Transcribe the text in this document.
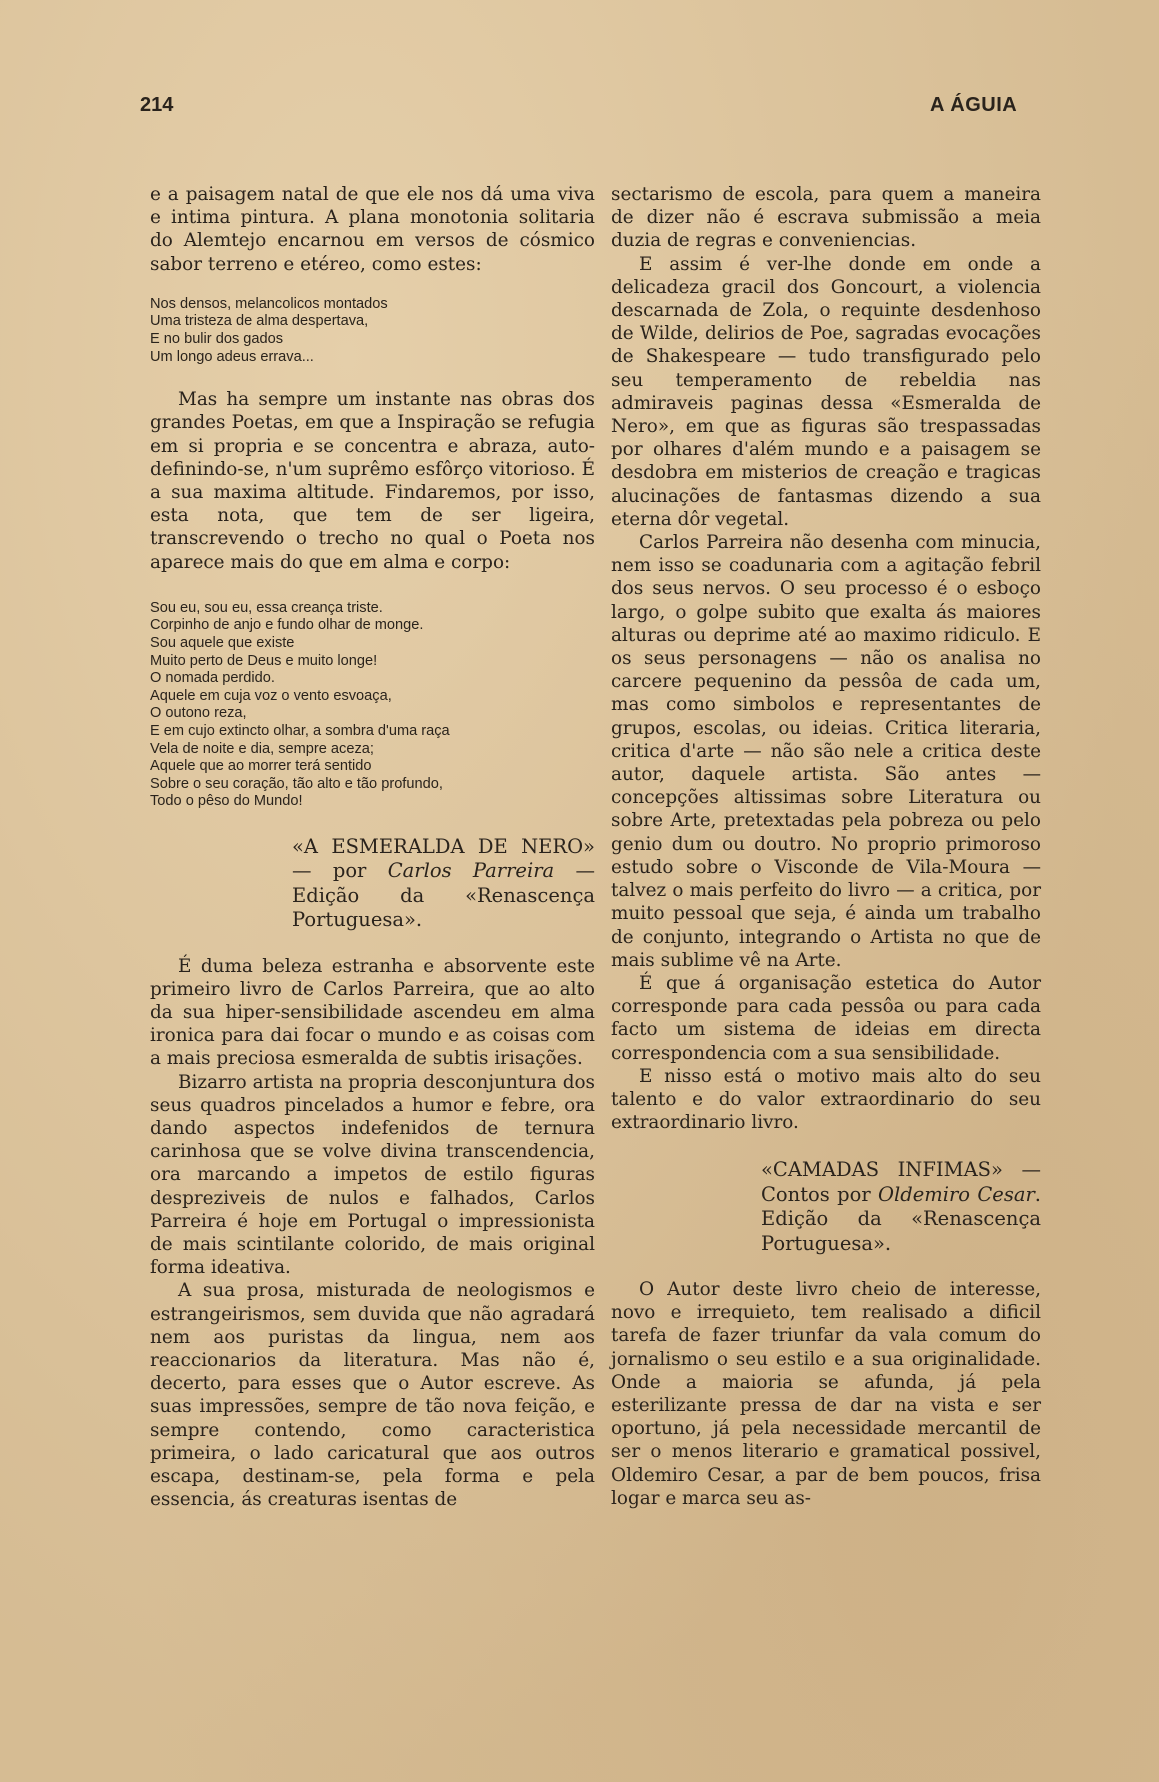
214	A ÁGUIA

e a paisagem natal de que ele nos dá uma viva e intima pintura. A plana monotonia solitaria do Alemtejo encarnou em versos de cósmico sabor terreno e etéreo, como estes:

Nos densos, melancolicos montados
Uma tristeza de alma despertava,
E no bulir dos gados
Um longo adeus errava...

Mas ha sempre um instante nas obras dos grandes Poetas, em que a Inspiração se refugia em si propria e se concentra e abraza, auto-definindo-se, n'um suprêmo esfôrço vitorioso. É a sua maxima altitude. Findaremos, por isso, esta nota, que tem de ser ligeira, transcrevendo o trecho no qual o Poeta nos aparece mais do que em alma e corpo:

Sou eu, sou eu, essa creança triste.
Corpinho de anjo e fundo olhar de monge.
Sou aquele que existe
Muito perto de Deus e muito longe!
O nomada perdido.
Aquele em cuja voz o vento esvoaça,
O outono reza,
E em cujo extincto olhar, a sombra d'uma raça
Vela de noite e dia, sempre aceza;
Aquele que ao morrer terá sentido
Sobre o seu coração, tão alto e tão profundo,
Todo o pêso do Mundo!

«A ESMERALDA DE NERO» — por Carlos Parreira — Edição da «Renascença Portuguesa».

É duma beleza estranha e absorvente este primeiro livro de Carlos Parreira, que ao alto da sua hiper-sensibilidade ascendeu em alma ironica para dai focar o mundo e as coisas com a mais preciosa esmeralda de subtis irisações.

Bizarro artista na propria desconjuntura dos seus quadros pincelados a humor e febre, ora dando aspectos indefenidos de ternura carinhosa que se volve divina transcendencia, ora marcando a impetos de estilo figuras despreziveis de nulos e falhados, Carlos Parreira é hoje em Portugal o impressionista de mais scintilante colorido, de mais original forma ideativa.

A sua prosa, misturada de neologismos e estrangeirismos, sem duvida que não agradará nem aos puristas da lingua, nem aos reaccionarios da literatura. Mas não é, decerto, para esses que o Autor escreve. As suas impressões, sempre de tão nova feição, e sempre contendo, como caracteristica primeira, o lado caricatural que aos outros escapa, destinam-se, pela forma e pela essencia, ás creaturas isentas de

sectarismo de escola, para quem a maneira de dizer não é escrava submissão a meia duzia de regras e conveniencias.

E assim é ver-lhe donde em onde a delicadeza gracil dos Goncourt, a violencia descarnada de Zola, o requinte desdenhoso de Wilde, delirios de Poe, sagradas evocações de Shakespeare — tudo transfigurado pelo seu temperamento de rebeldia nas admiraveis paginas dessa «Esmeralda de Nero», em que as figuras são trespassadas por olhares d'além mundo e a paisagem se desdobra em misterios de creação e tragicas alucinações de fantasmas dizendo a sua eterna dôr vegetal.

Carlos Parreira não desenha com minucia, nem isso se coadunaria com a agitação febril dos seus nervos. O seu processo é o esboço largo, o golpe subito que exalta ás maiores alturas ou deprime até ao maximo ridiculo. E os seus personagens — não os analisa no carcere pequenino da pessôa de cada um, mas como simbolos e representantes de grupos, escolas, ou ideias. Critica literaria, critica d'arte — não são nele a critica deste autor, daquele artista. São antes — concepções altissimas sobre Literatura ou sobre Arte, pretextadas pela pobreza ou pelo genio dum ou doutro. No proprio primoroso estudo sobre o Visconde de Vila-Moura — talvez o mais perfeito do livro — a critica, por muito pessoal que seja, é ainda um trabalho de conjunto, integrando o Artista no que de mais sublime vê na Arte.

É que á organisação estetica do Autor corresponde para cada pessôa ou para cada facto um sistema de ideias em directa correspondencia com a sua sensibilidade.

E nisso está o motivo mais alto do seu talento e do valor extraordinario do seu extraordinario livro.

«CAMADAS INFIMAS» — Contos por Oldemiro Cesar. Edição da «Renascença Portuguesa».

O Autor deste livro cheio de interesse, novo e irrequieto, tem realisado a dificil tarefa de fazer triunfar da vala comum do jornalismo o seu estilo e a sua originalidade. Onde a maioria se afunda, já pela esterilizante pressa de dar na vista e ser oportuno, já pela necessidade mercantil de ser o menos literario e gramatical possivel, Oldemiro Cesar, a par de bem poucos, frisa logar e marca seu as-
